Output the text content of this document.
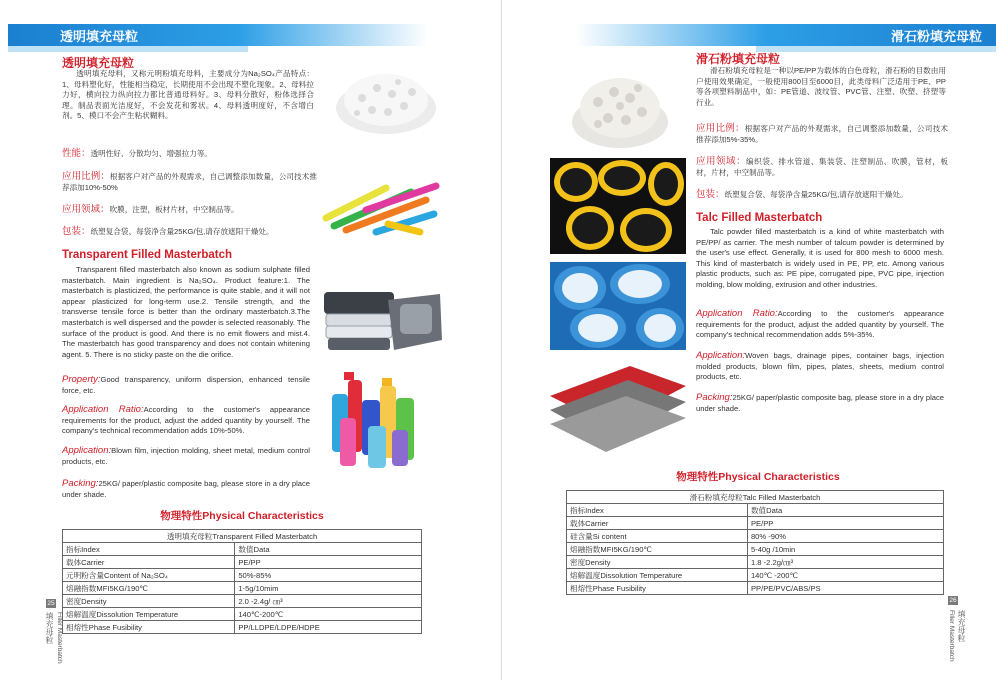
透明填充母粒
透明填充母粒
透明填充母料，又称元明粉填充母料，主要成分为Na₂SO₄产品特点：1、母料塑化好，性能相当稳定，长期使用不会出现不塑化现象。2、母料拉力好，横向拉力纵向拉力都比普通母料好。3、母料分散好，粉体选择合理。制品表面光洁度好，不会发花和雾状。4、母料透明度好，不含增白剂。5、模口不会产生粘状糊料。
性能：透明性好、分散均匀、增强拉力等。
应用比例：根据客户对产品的外观需求，自己调整添加数量，公司技术推荐添加10%-50%
应用领域：吹膜，注塑，板材片材，中空制品等。
包装：纸塑复合袋、每袋净含量25KG/包,请存放遮阳干燥处。
Transparent Filled Masterbatch
Transparent filled masterbatch also known as sodium sulphate filled masterbatch. Main ingredient is Na₂SO₄. Product feature:1. The masterbatch is plasticized, the performance is quite stable, and it will not appear plasticized for long-term use.2. Tensile strength, and the transverse tensile force is better than the ordinary masterbatch.3.The masterbatch is well dispersed and the powder is selected reasonably. The surface of the product is good. And there is no emit flowers and mist.4. The masterbatch has good transparency and does not contain whitening agent. 5. There is no sticky paste on the die orifice.
Property:Good transparency, uniform dispersion, enhanced tensile force, etc.
Application Ratio:According to the customer's appearance requirements for the product, adjust the added quantity by yourself. The company's technical recommendation adds 10%-50%.
Application:Blown film, injection molding, sheet metal, medium control products, etc.
Packing:25KG/ paper/plastic composite bag, please store in a dry place under shade.
物理特性Physical Characteristics
透明填充母粒Transparent Filled Masterbatch	
指标Index	数值Data
载体Carrier	PE/PP
元明粉含量Content of Na₂SO₄	50%-85%
熔融指数MFI5KG/190℃	1-5g/10mim
密度Density	2.0 -2.4g/ ㎝³
熔解温度Dissolution Temperature	140℃-200℃
相熔性Phase Fusibility	PP/LLDPE/LDPE/HDPE
25
填充母粒 Filler Masterbatch
滑石粉填充母粒
滑石粉填充母粒
滑石粉填充母粒是一种以PE/PP为载体的白色母粒，滑石粉的目数由用户使用效果确定，一般使用800目至6000目，此类母料广泛适用于PE、PP等各项塑料制品中，如：PE管道、波纹管、PVC管、注塑、吹塑、挤塑等行业。
应用比例：根据客户对产品的外观需求，自己调整添加数量，公司技术推荐添加5%-35%。
应用领域：编织袋、排水管道、集装袋、注塑制品、吹膜，管材，板材，片材，中空制品等。
包装：纸塑复合袋、每袋净含量25KG/包,请存放遮阳干燥处。
Talc Filled Masterbatch
Talc powder filled masterbatch is a kind of white masterbatch with PE/PP/ as carrier. The mesh number of talcum powder is determined by the user's use effect. Generally, it is used for 800 mesh to 6000 mesh. This kind of masterbatch is widely used in PE, PP, etc. Among various plastic products, such as: PE pipe, corrugated pipe, PVC pipe, injection molding, blow molding, extrusion and other industries.
Application Ratio:According to the customer's appearance requirements for the product, adjust the added quantity by yourself. The company's technical recommendation adds 5%-35%.
Application:Woven bags, drainage pipes, container bags, injection molded products, blown film, pipes, plates, sheets, medium control products, etc.
Packing:25KG/ paper/plastic composite bag, please store in a dry place under shade.
物理特性Physical Characteristics
滑石粉填充母粒Talc Filled Masterbatch	
指标Index	数值Data
载体Carrier	PE/PP
硅含量Si content	80% -90%
熔融指数MFI5KG/190℃	5-40g /10min
密度Density	1.8 -2.2g/㎝³
熔解温度Dissolution Temperature	140℃ -200℃
相熔性Phase Fusibility	PP/PE/PVC/ABS/PS
26
填充母粒
Filler Masterbatch
